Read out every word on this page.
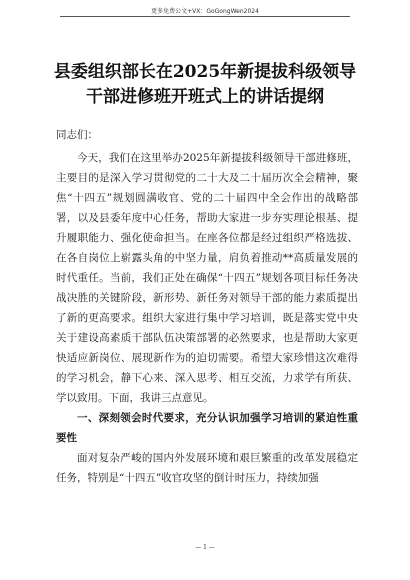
更多免费公文+VX：GoGongWen2024
县委组织部长在2025年新提拔科级领导
干部进修班开班式上的讲话提纲
同志们：

今天，我们在这里举办2025年新提拔科级领导干部进修班，主要目的是深入学习贯彻党的二十大及二十届历次全会精神，聚焦“十四五”规划圆满收官、党的二十届四中全会作出的战略部署，以及县委年度中心任务，帮助大家进一步夯实理论根基、提升履职能力、强化使命担当。在座各位都是经过组织严格选拔、在各自岗位上崭露头角的中坚力量，肩负着推动**高质量发展的时代重任。当前，我们正处在确保“十四五”规划各项目标任务决战决胜的关键阶段，新形势、新任务对领导干部的能力素质提出了新的更高要求。组织大家进行集中学习培训，既是落实党中央关于建设高素质干部队伍决策部署的必然要求，也是帮助大家更快适应新岗位、展现新作为的迫切需要。希望大家珍惜这次难得的学习机会，静下心来、深入思考、相互交流，力求学有所获、学以致用。下面，我讲三点意见。

一、深刻领会时代要求，充分认识加强学习培训的紧迫性重要性

面对复杂严峻的国内外发展环境和艰巨繁重的改革发展稳定任务，特别是“十四五”收官攻坚的倒计时压力，持续加强

— 1 —
